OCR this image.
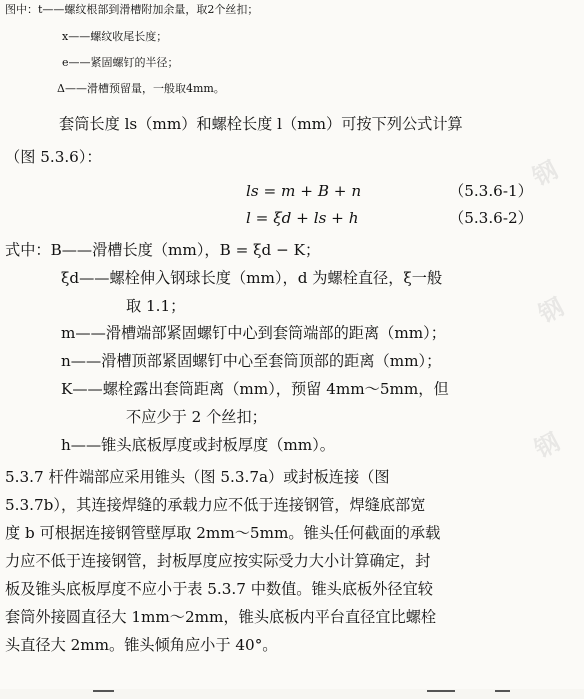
钢
钢
钢
图中：t——螺纹根部到滑槽附加余量，取2个丝扣；
x——螺纹收尾长度；
e——紧固螺钉的半径；
Δ——滑槽预留量，一般取4mm。
套筒长度 ls（mm）和螺栓长度 l（mm）可按下列公式计算
（图 5.3.6）：
ls = m + B + n	（5.3.6-1）
l = ξd + ls + h	（5.3.6-2）
式中：B——滑槽长度（mm），B = ξd − K；
ξd——螺栓伸入钢球长度（mm），d 为螺栓直径，ξ一般
取 1.1；
m——滑槽端部紧固螺钉中心到套筒端部的距离（mm）；
n——滑槽顶部紧固螺钉中心至套筒顶部的距离（mm）；
K——螺栓露出套筒距离（mm），预留 4mm～5mm，但
不应少于 2 个丝扣；
h——锥头底板厚度或封板厚度（mm）。
5.3.7 杆件端部应采用锥头（图 5.3.7a）或封板连接（图
5.3.7b），其连接焊缝的承载力应不低于连接钢管，焊缝底部宽
度 b 可根据连接钢管壁厚取 2mm～5mm。锥头任何截面的承载
力应不低于连接钢管，封板厚度应按实际受力大小计算确定，封
板及锥头底板厚度不应小于表 5.3.7 中数值。锥头底板外径宜较
套筒外接圆直径大 1mm～2mm，锥头底板内平台直径宜比螺栓
头直径大 2mm。锥头倾角应小于 40°。
